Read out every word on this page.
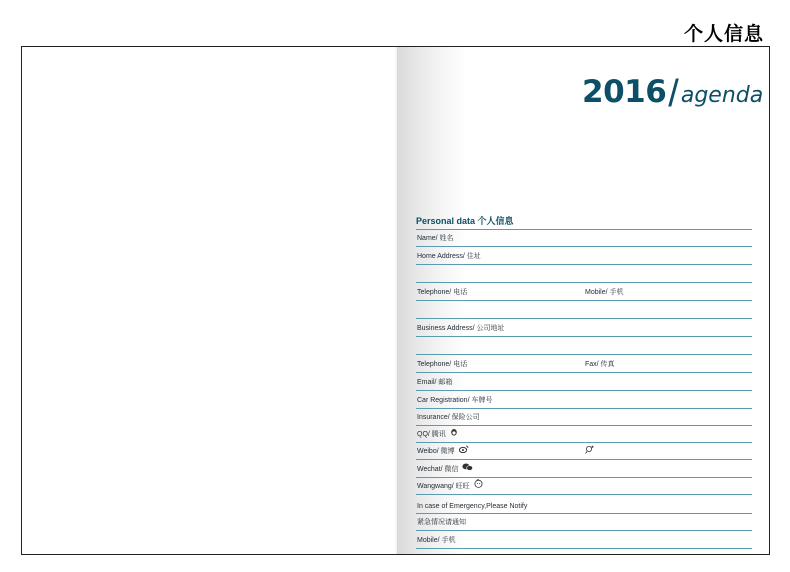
个人信息
2016/agenda
Personal data 个人信息
Name/ 姓名
Home Address/ 住址
Telephone/ 电话	Mobile/ 手机
Business Address/ 公司地址
Telephone/ 电话	Fax/ 传真
Email/ 邮箱
Car Registration/ 车牌号
Insurance/ 保险公司
QQ/ 腾讯
Weibo/ 微博
Wechat/ 微信
Wangwang/ 旺旺
In case of Emergency,Please Notify
紧急情况请通知
Mobile/ 手机
